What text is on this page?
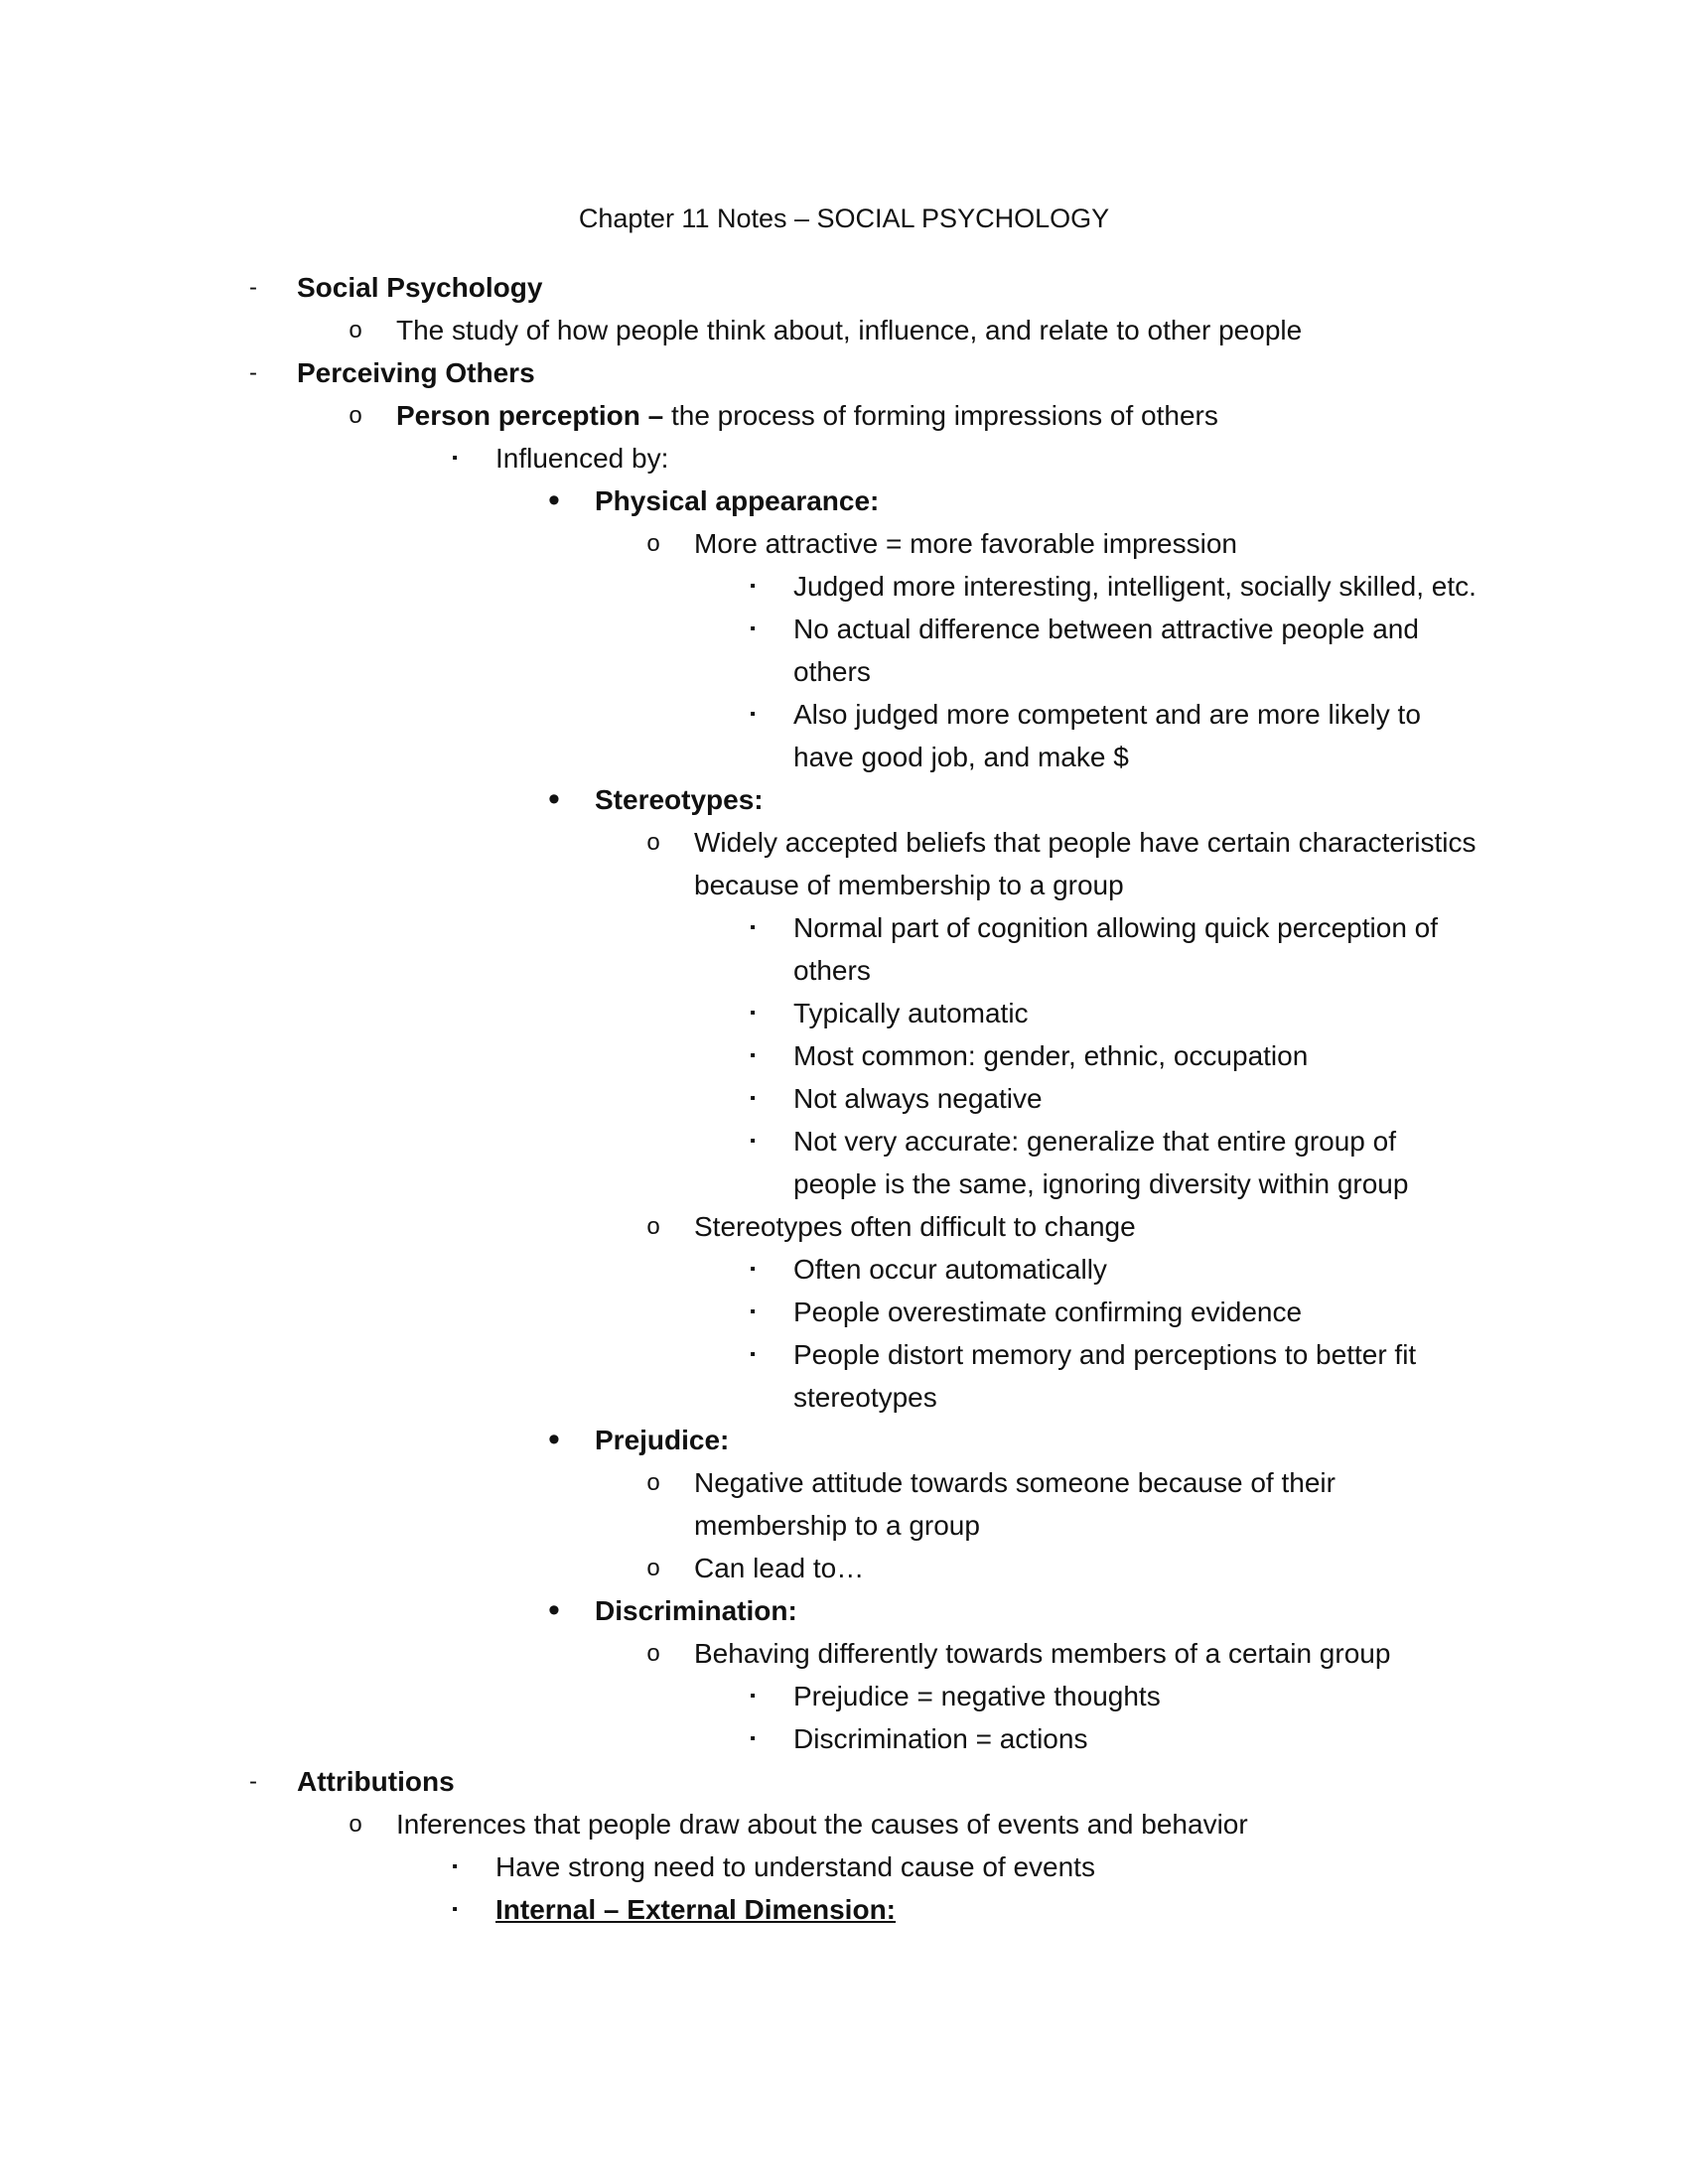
Chapter 11 Notes – SOCIAL PSYCHOLOGY
-	Social Psychology
o The study of how people think about, influence, and relate to other people
-	Perceiving Others
o Person perception – the process of forming impressions of others
▪	Influenced by:
•	Physical appearance:
o More attractive = more favorable impression
▪	Judged more interesting, intelligent, socially skilled, etc.
▪	No actual difference between attractive people and
others
▪	Also judged more competent and are more likely to
have good job, and make $
•	Stereotypes:
o Widely accepted beliefs that people have certain characteristics
because of membership to a group
▪	Normal part of cognition allowing quick perception of
others
▪	Typically automatic
▪	Most common: gender, ethnic, occupation
▪	Not always negative
▪	Not very accurate: generalize that entire group of
people is the same, ignoring diversity within group
o Stereotypes often difficult to change
▪	Often occur automatically
▪	People overestimate confirming evidence
▪	People distort memory and perceptions to better fit
stereotypes
•	Prejudice:
o Negative attitude towards someone because of their
membership to a group
o Can lead to…
•	Discrimination:
o Behaving differently towards members of a certain group
▪	Prejudice = negative thoughts
▪	Discrimination = actions
-	Attributions
o Inferences that people draw about the causes of events and behavior
▪	Have strong need to understand cause of events
▪	Internal – External Dimension:
